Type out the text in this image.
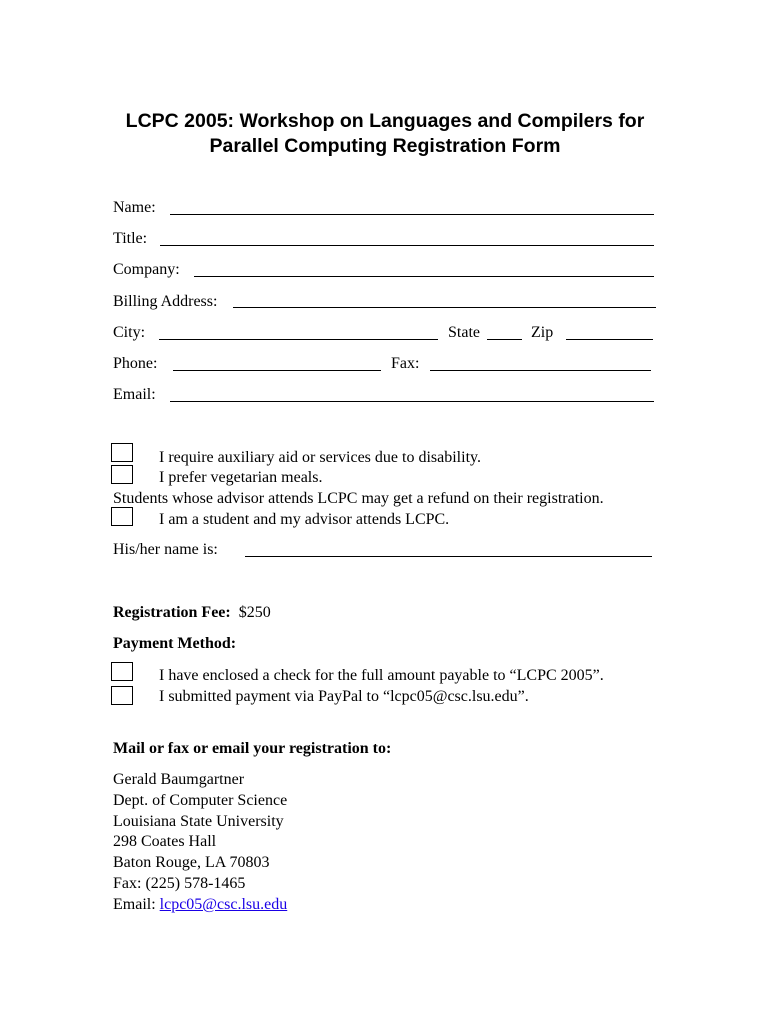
LCPC 2005: Workshop on Languages and Compilers for
Parallel Computing Registration Form
Name:
Title:
Company:
Billing Address:
City:	State	Zip
Phone:	Fax:
Email:
I require auxiliary aid or services due to disability.
I prefer vegetarian meals.
Students whose advisor attends LCPC may get a refund on their registration.
I am a student and my advisor attends LCPC.
His/her name is:
Registration Fee: $250
Payment Method:
I have enclosed a check for the full amount payable to “LCPC 2005”.
I submitted payment via PayPal to “lcpc05@csc.lsu.edu”.
Mail or fax or email your registration to:
Gerald Baumgartner
Dept. of Computer Science
Louisiana State University
298 Coates Hall
Baton Rouge, LA 70803
Fax: (225) 578-1465
Email: lcpc05@csc.lsu.edu
